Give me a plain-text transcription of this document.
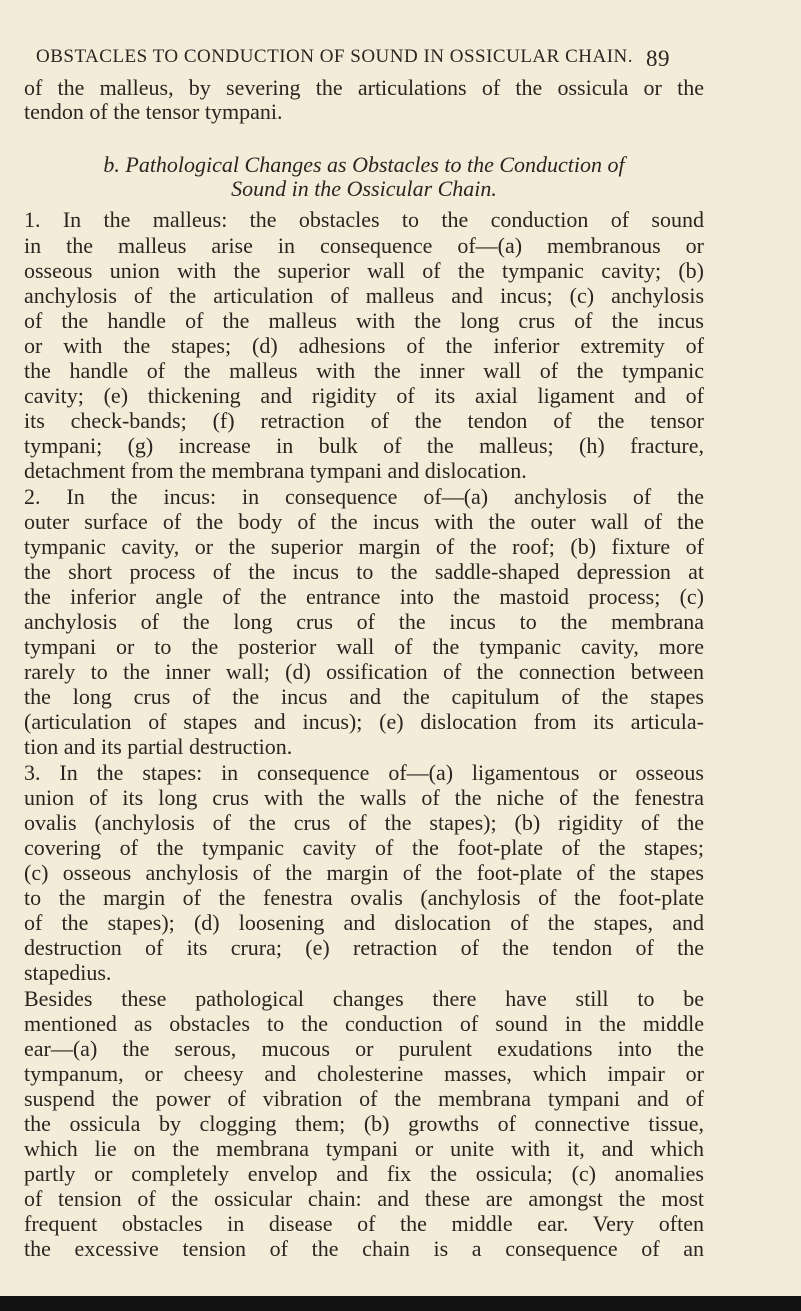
OBSTACLES TO CONDUCTION OF SOUND IN OSSICULAR CHAIN. 89
of the malleus, by severing the articulations of the ossicula or the
tendon of the tensor tympani.
b. Pathological Changes as Obstacles to the Conduction of
Sound in the Ossicular Chain.
1. In the malleus: the obstacles to the conduction of sound
in the malleus arise in consequence of—(a) membranous or
osseous union with the superior wall of the tympanic cavity; (b)
anchylosis of the articulation of malleus and incus; (c) anchylosis
of the handle of the malleus with the long crus of the incus
or with the stapes; (d) adhesions of the inferior extremity of
the handle of the malleus with the inner wall of the tympanic
cavity; (e) thickening and rigidity of its axial ligament and of
its check-bands; (f) retraction of the tendon of the tensor
tympani; (g) increase in bulk of the malleus; (h) fracture,
detachment from the membrana tympani and dislocation.
2. In the incus: in consequence of—(a) anchylosis of the
outer surface of the body of the incus with the outer wall of the
tympanic cavity, or the superior margin of the roof; (b) fixture of
the short process of the incus to the saddle-shaped depression at
the inferior angle of the entrance into the mastoid process; (c)
anchylosis of the long crus of the incus to the membrana
tympani or to the posterior wall of the tympanic cavity, more
rarely to the inner wall; (d) ossification of the connection between
the long crus of the incus and the capitulum of the stapes
(articulation of stapes and incus); (e) dislocation from its articula-
tion and its partial destruction.
3. In the stapes: in consequence of—(a) ligamentous or osseous
union of its long crus with the walls of the niche of the fenestra
ovalis (anchylosis of the crus of the stapes); (b) rigidity of the
covering of the tympanic cavity of the foot-plate of the stapes;
(c) osseous anchylosis of the margin of the foot-plate of the stapes
to the margin of the fenestra ovalis (anchylosis of the foot-plate
of the stapes); (d) loosening and dislocation of the stapes, and
destruction of its crura; (e) retraction of the tendon of the
stapedius.
Besides these pathological changes there have still to be
mentioned as obstacles to the conduction of sound in the middle
ear—(a) the serous, mucous or purulent exudations into the
tympanum, or cheesy and cholesterine masses, which impair or
suspend the power of vibration of the membrana tympani and of
the ossicula by clogging them; (b) growths of connective tissue,
which lie on the membrana tympani or unite with it, and which
partly or completely envelop and fix the ossicula; (c) anomalies
of tension of the ossicular chain: and these are amongst the most
frequent obstacles in disease of the middle ear. Very often
the excessive tension of the chain is a consequence of an
